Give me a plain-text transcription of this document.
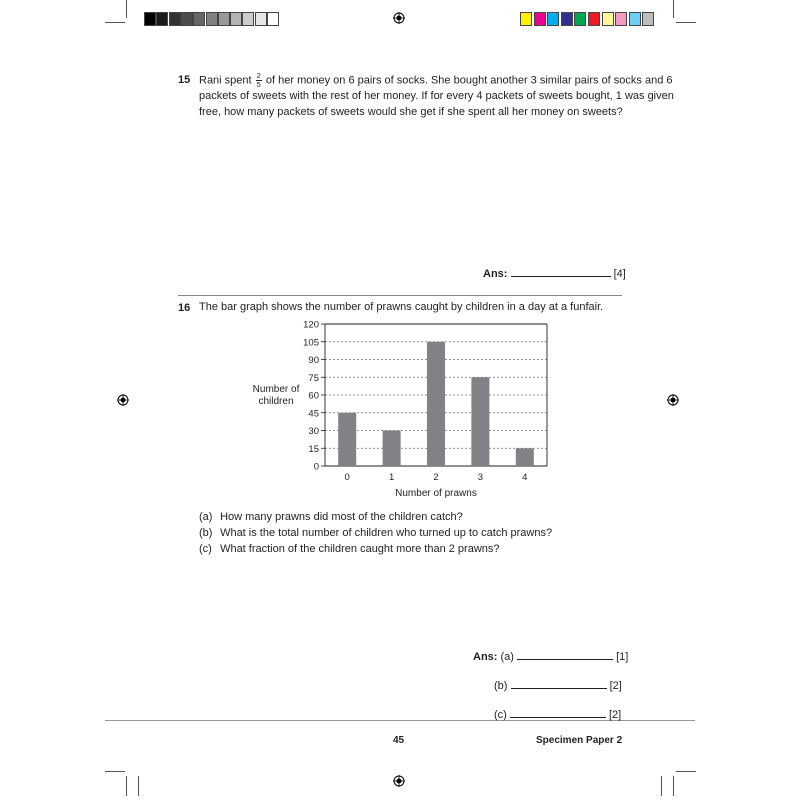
15 Rani spent $\frac{2}{5}$ of her money on 6 pairs of socks. She bought another 3 similar pairs of socks and 6
packets of sweets with the rest of her money. If for every 4 packets of sweets bought, 1 was given
free, how many packets of sweets would she get if she spent all her money on sweets?
Ans:	[4]
16 The bar graph shows the number of prawns caught by children in a day at a funfair.
0
15
30
45
60
75
90
105
120
0	1	2	3	4
Number of prawns
Number of
children
(a) How many prawns did most of the children catch?
(b) What is the total number of children who turned up to catch prawns?
(c) What fraction of the children caught more than 2 prawns?
Ans: (a)	[1]
(b)	[2]
(c)	[2]
45	Specimen Paper 2
